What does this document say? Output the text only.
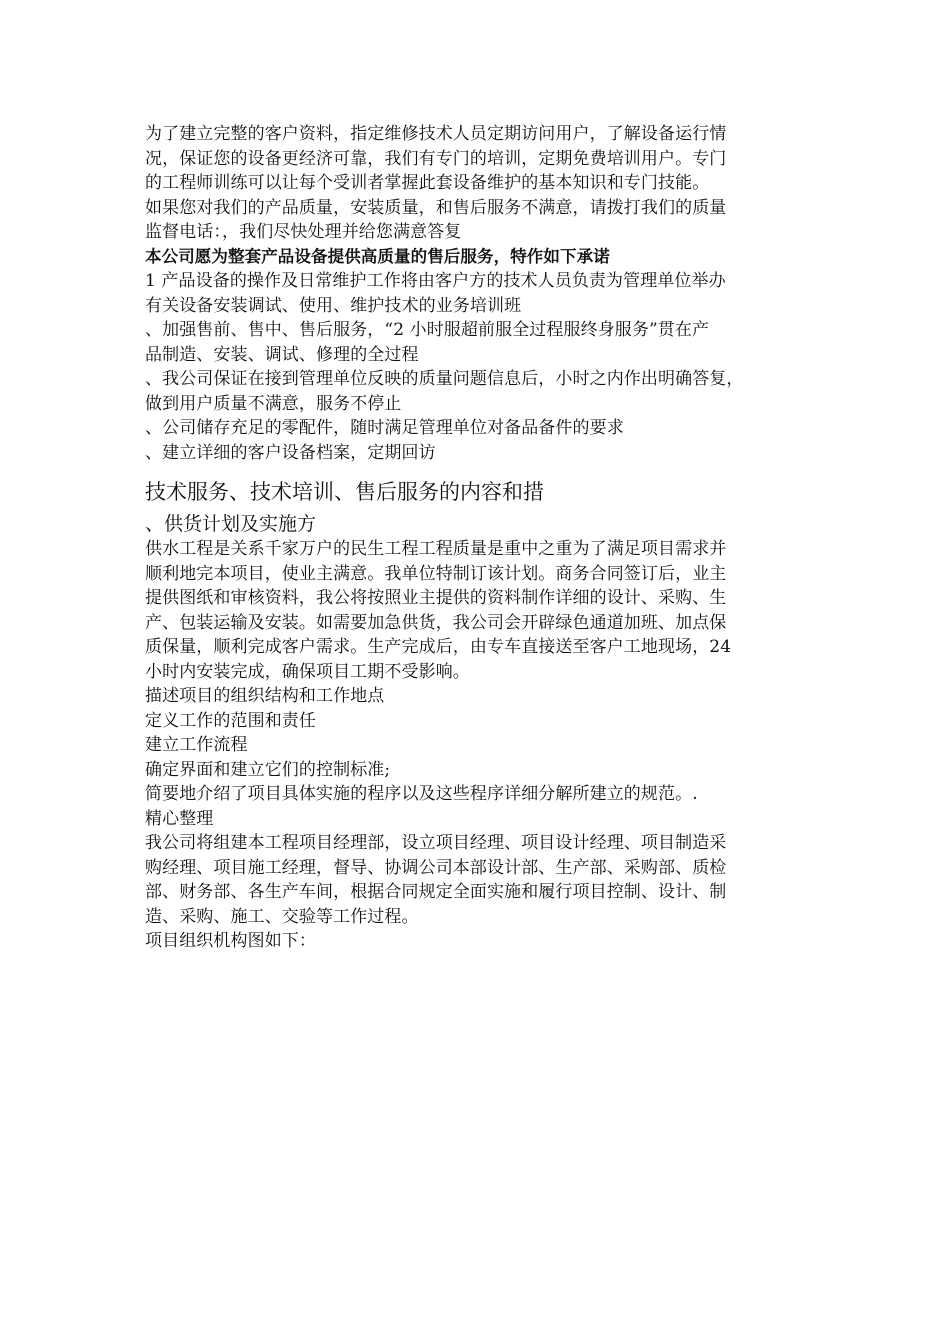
为了建立完整的客户资料，指定维修技术人员定期访问用户，了解设备运行情
况，保证您的设备更经济可靠，我们有专门的培训，定期免费培训用户。专门
的工程师训练可以让每个受训者掌握此套设备维护的基本知识和专门技能。
如果您对我们的产品质量，安装质量，和售后服务不满意，请拨打我们的质量
监督电话：，我们尽快处理并给您满意答复
本公司愿为整套产品设备提供高质量的售后服务，特作如下承诺
1 产品设备的操作及日常维护工作将由客户方的技术人员负责为管理单位举办
有关设备安装调试、使用、维护技术的业务培训班
、加强售前、售中、售后服务，“2 小时服超前服全过程服终身服务”贯在产
品制造、安装、调试、修理的全过程
、我公司保证在接到管理单位反映的质量问题信息后，小时之内作出明确答复，
做到用户质量不满意，服务不停止
、公司储存充足的零配件，随时满足管理单位对备品备件的要求
、建立详细的客户设备档案，定期回访
技术服务、技术培训、售后服务的内容和措
、供货计划及实施方
供水工程是关系千家万户的民生工程工程质量是重中之重为了满足项目需求并
顺利地完本项目，使业主满意。我单位特制订该计划。商务合同签订后，业主
提供图纸和审核资料，我公将按照业主提供的资料制作详细的设计、采购、生
产、包装运输及安装。如需要加急供货，我公司会开辟绿色通道加班、加点保
质保量，顺利完成客户需求。生产完成后，由专车直接送至客户工地现场，24
小时内安装完成，确保项目工期不受影响。
描述项目的组织结构和工作地点
定义工作的范围和责任
建立工作流程
确定界面和建立它们的控制标准;
简要地介绍了项目具体实施的程序以及这些程序详细分解所建立的规范。.
精心整理
我公司将组建本工程项目经理部，设立项目经理、项目设计经理、项目制造采
购经理、项目施工经理，督导、协调公司本部设计部、生产部、采购部、质检
部、财务部、各生产车间，根据合同规定全面实施和履行项目控制、设计、制
造、采购、施工、交验等工作过程。
项目组织机构图如下：
